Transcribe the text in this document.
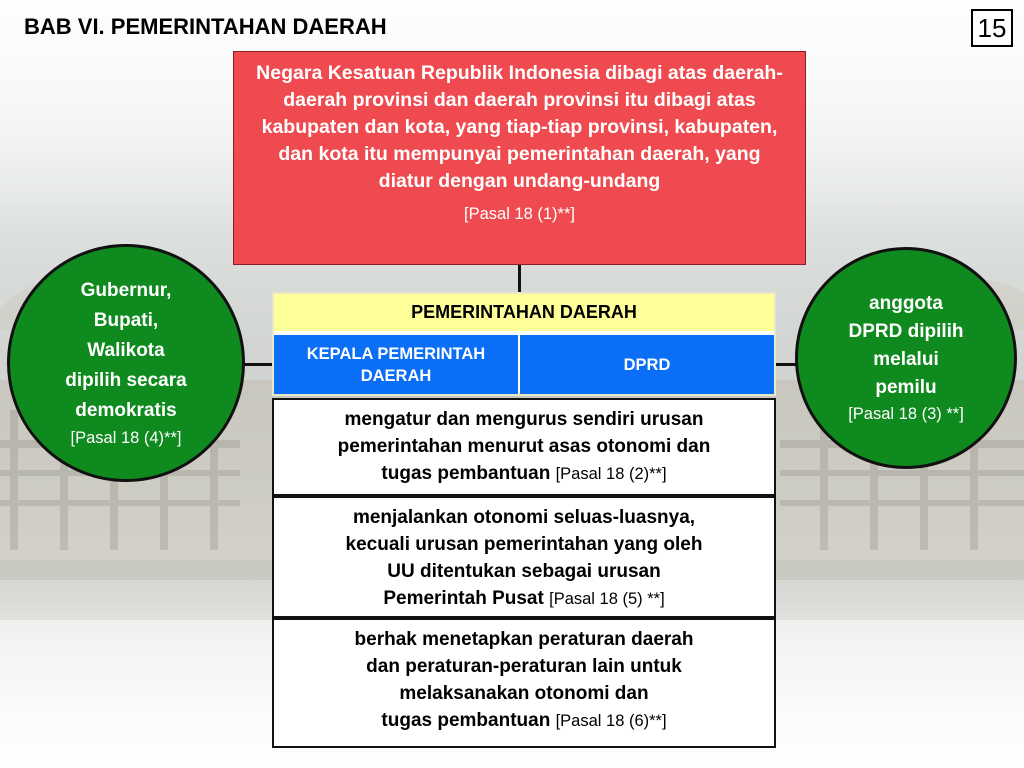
BAB VI. PEMERINTAHAN DAERAH	15
Negara Kesatuan Republik Indonesia dibagi atas daerah-daerah provinsi dan daerah provinsi itu dibagi atas kabupaten dan kota, yang tiap-tiap provinsi, kabupaten, dan kota itu mempunyai pemerintahan daerah, yang diatur dengan undang-undang
[Pasal 18 (1)**]
Gubernur,
Bupati,
Walikota
dipilih secara
demokratis
[Pasal 18 (4)**]
anggota
DPRD dipilih
melalui
pemilu
[Pasal 18 (3) **]
PEMERINTAHAN DAERAH
KEPALA PEMERINTAH DAERAH
DPRD
mengatur dan mengurus sendiri urusan
pemerintahan menurut asas otonomi dan
tugas pembantuan [Pasal 18 (2)**]
menjalankan otonomi seluas-luasnya,
kecuali urusan pemerintahan yang oleh
UU ditentukan sebagai urusan
Pemerintah Pusat [Pasal 18 (5) **]
berhak menetapkan peraturan daerah
dan peraturan-peraturan lain untuk
melaksanakan otonomi dan
tugas pembantuan [Pasal 18 (6)**]
